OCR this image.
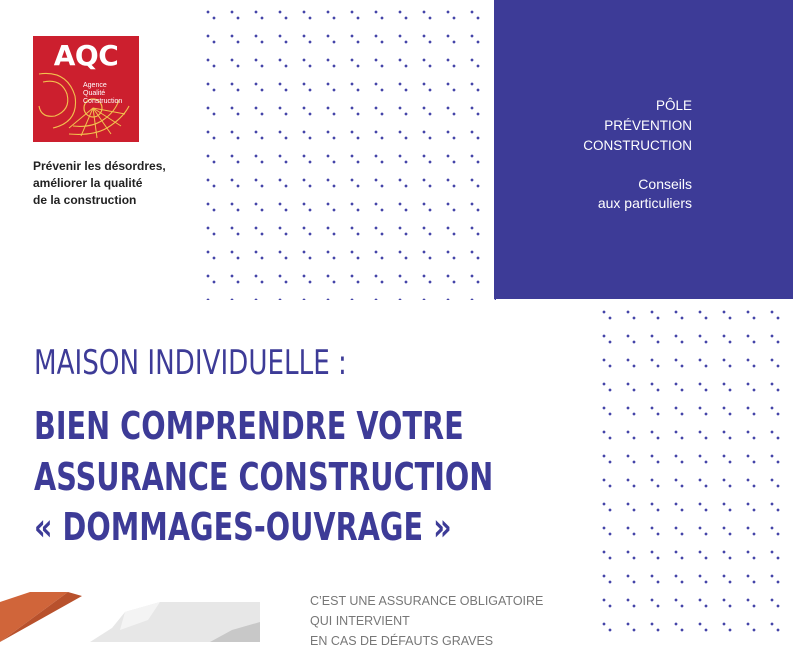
AQC
Agence
Qualité
Construction
Prévenir les désordres,
améliorer la qualité
de la construction
PÔLE
PRÉVENTION
CONSTRUCTION
Conseils
aux particuliers
MAISON INDIVIDUELLE :
BIEN COMPRENDRE VOTRE
ASSURANCE CONSTRUCTION
« DOMMAGES-OUVRAGE »
C’EST UNE ASSURANCE OBLIGATOIRE
QUI INTERVIENT
EN CAS DE DÉFAUTS GRAVES
